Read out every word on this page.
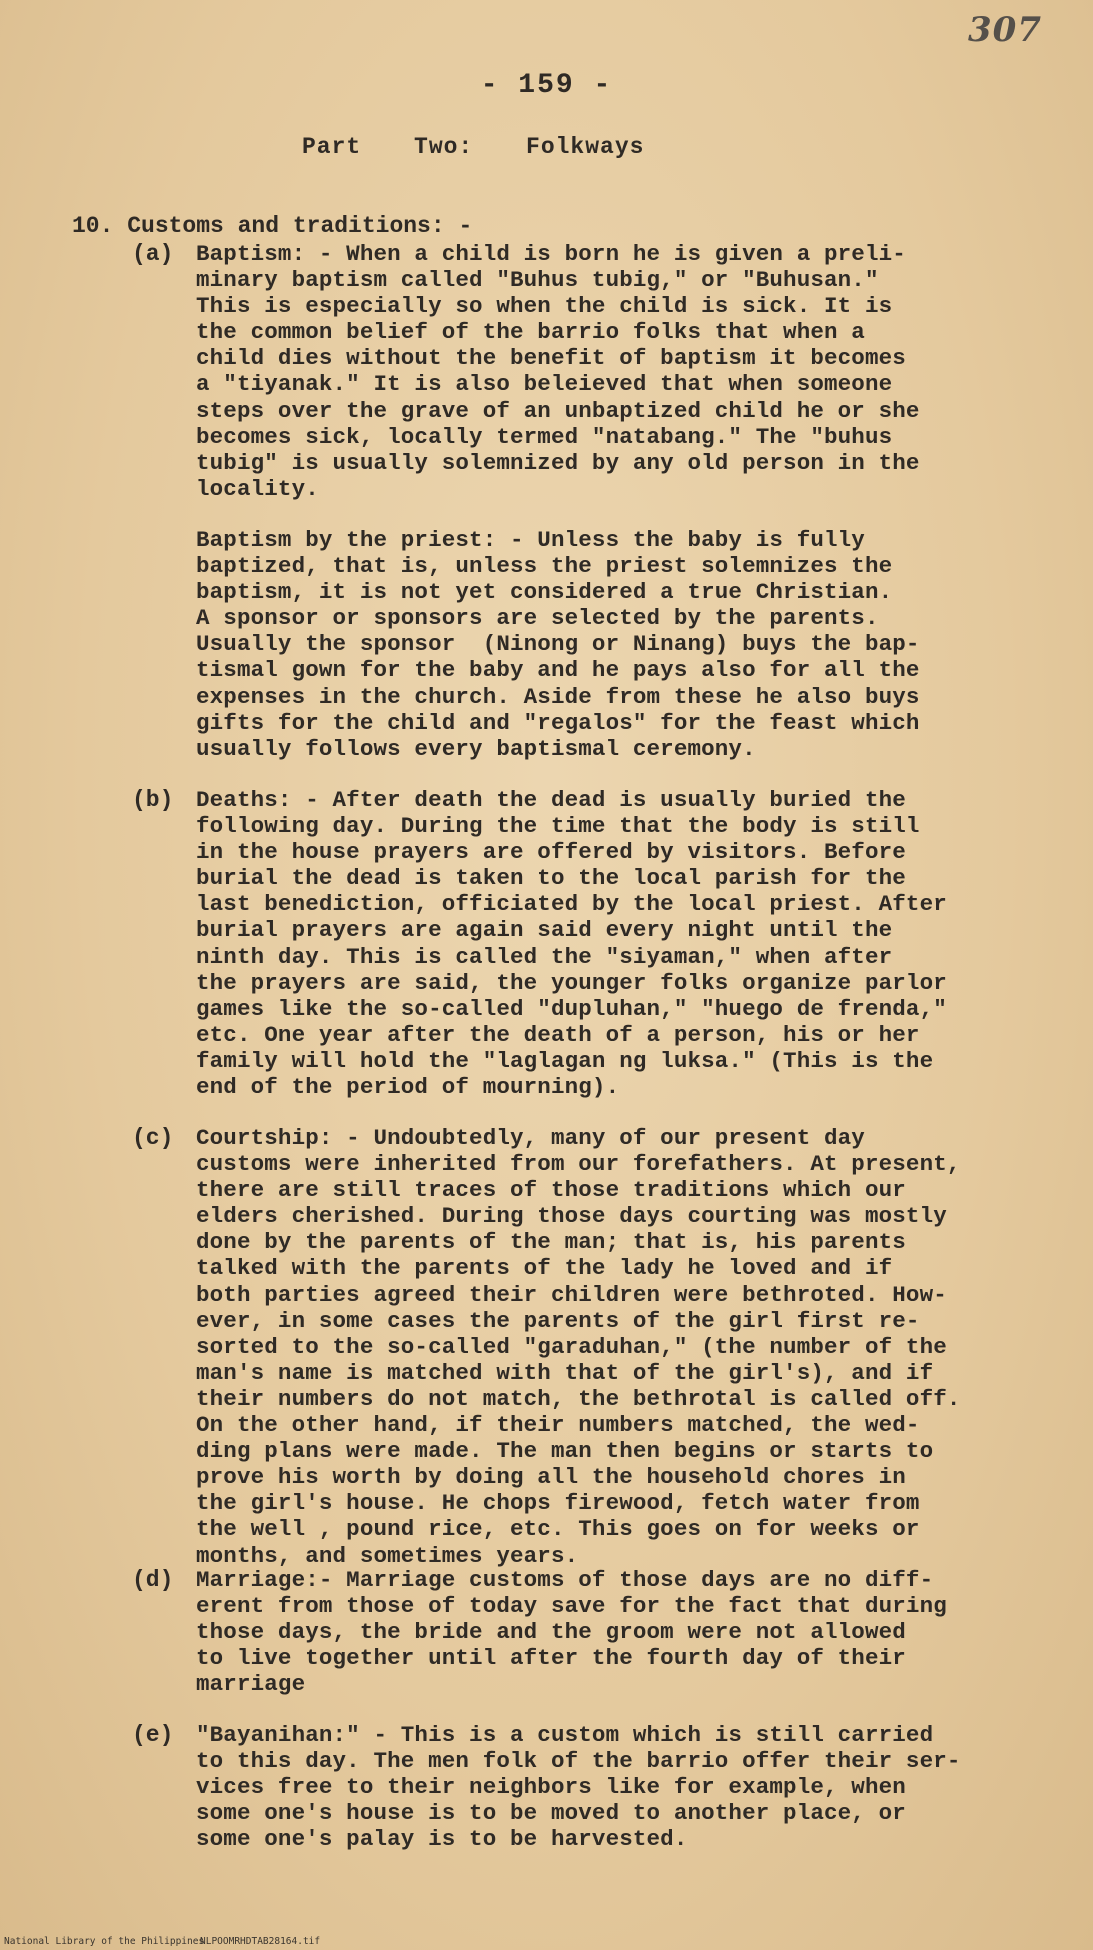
307
- 159 -
Part Two: Folkways
10. Customs and traditions: -
(a) Baptism: - When a child is born he is given a preli-
minary baptism called "Buhus tubig," or "Buhusan."
This is especially so when the child is sick. It is
the common belief of the barrio folks that when a
child dies without the benefit of baptism it becomes
a "tiyanak." It is also beleieved that when someone
steps over the grave of an unbaptized child he or she
becomes sick, locally termed "natabang." The "buhus
tubig" is usually solemnized by any old person in the
locality.
Baptism by the priest: - Unless the baby is fully
baptized, that is, unless the priest solemnizes the
baptism, it is not yet considered a true Christian.
A sponsor or sponsors are selected by the parents.
Usually the sponsor  (Ninong or Ninang) buys the bap-
tismal gown for the baby and he pays also for all the
expenses in the church. Aside from these he also buys
gifts for the child and "regalos" for the feast which
usually follows every baptismal ceremony.
(b) Deaths: - After death the dead is usually buried the
following day. During the time that the body is still
in the house prayers are offered by visitors. Before
burial the dead is taken to the local parish for the
last benediction, officiated by the local priest. After
burial prayers are again said every night until the
ninth day. This is called the "siyaman," when after
the prayers are said, the younger folks organize parlor
games like the so-called "dupluhan," "huego de frenda,"
etc. One year after the death of a person, his or her
family will hold the "laglagan ng luksa." (This is the
end of the period of mourning).
(c) Courtship: - Undoubtedly, many of our present day
customs were inherited from our forefathers. At present,
there are still traces of those traditions which our
elders cherished. During those days courting was mostly
done by the parents of the man; that is, his parents
talked with the parents of the lady he loved and if
both parties agreed their children were bethroted. How-
ever, in some cases the parents of the girl first re-
sorted to the so-called "garaduhan," (the number of the
man's name is matched with that of the girl's), and if
their numbers do not match, the bethrotal is called off.
On the other hand, if their numbers matched, the wed-
ding plans were made. The man then begins or starts to
prove his worth by doing all the household chores in
the girl's house. He chops firewood, fetch water from
the well , pound rice, etc. This goes on for weeks or
months, and sometimes years.
(d) Marriage:- Marriage customs of those days are no diff-
erent from those of today save for the fact that during
those days, the bride and the groom were not allowed
to live together until after the fourth day of their
marriage
(e) "Bayanihan:" - This is a custom which is still carried
to this day. The men folk of the barrio offer their ser-
vices free to their neighbors like for example, when
some one's house is to be moved to another place, or
some one's palay is to be harvested.
National Library of the Philippines
NLPOOMRHDTAB28164.tif
